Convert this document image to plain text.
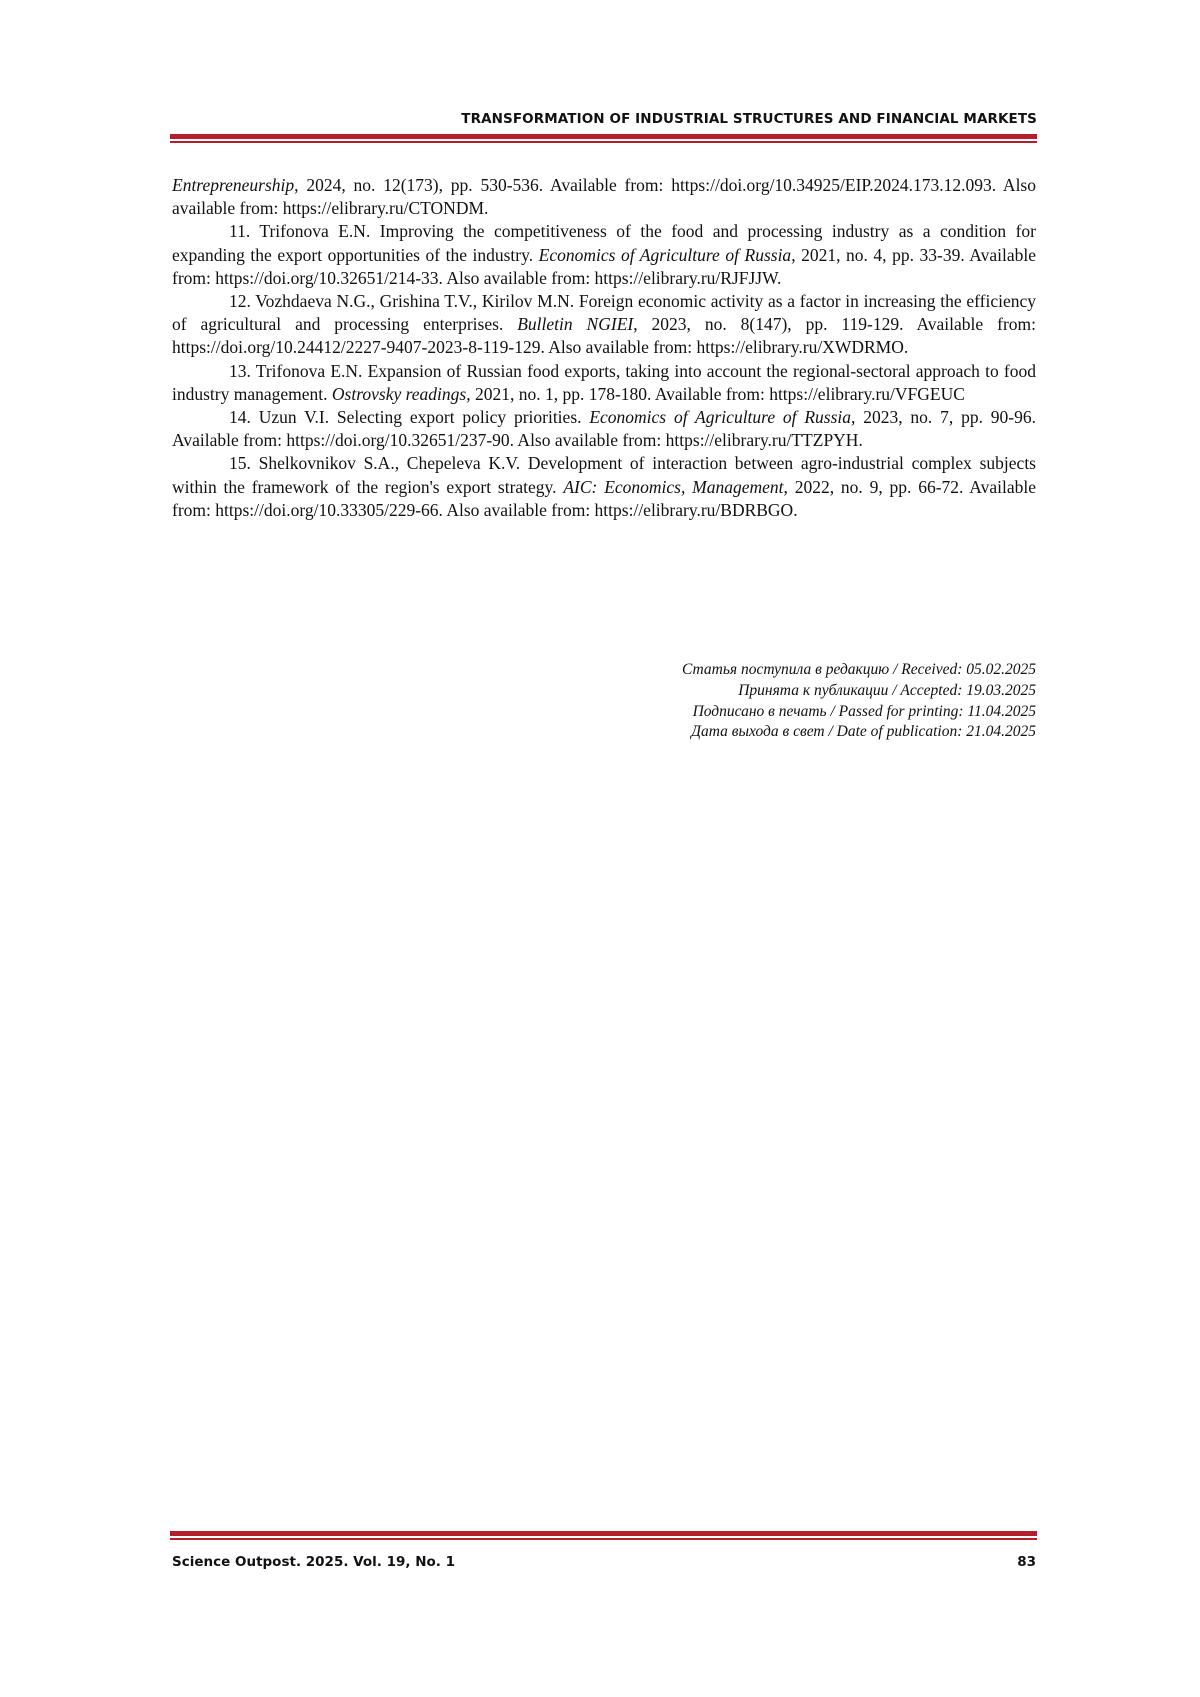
TRANSFORMATION OF INDUSTRIAL STRUCTURES AND FINANCIAL MARKETS

Entrepreneurship, 2024, no. 12(173), pp. 530-536. Available from: https://doi.org/10.34925/EIP.2024.173.12.093. Also available from: https://elibrary.ru/CTONDM.

11. Trifonova E.N. Improving the competitiveness of the food and processing industry as a condition for expanding the export opportunities of the industry. Economics of Agriculture of Russia, 2021, no. 4, pp. 33-39. Available from: https://doi.org/10.32651/214-33. Also available from: https://elibrary.ru/RJFJJW.

12. Vozhdaeva N.G., Grishina T.V., Kirilov M.N. Foreign economic activity as a factor in increasing the efficiency of agricultural and processing enterprises. Bulletin NGIEI, 2023, no. 8(147), pp. 119-129. Available from: https://doi.org/10.24412/2227-9407-2023-8-119-129. Also available from: https://elibrary.ru/XWDRMO.

13. Trifonova E.N. Expansion of Russian food exports, taking into account the regional-sectoral approach to food industry management. Ostrovsky readings, 2021, no. 1, pp. 178-180. Available from: https://elibrary.ru/VFGEUC

14. Uzun V.I. Selecting export policy priorities. Economics of Agriculture of Russia, 2023, no. 7, pp. 90-96. Available from: https://doi.org/10.32651/237-90. Also available from: https://elibrary.ru/TTZPYH.

15. Shelkovnikov S.A., Chepeleva K.V. Development of interaction between agro-industrial complex subjects within the framework of the region's export strategy. AIC: Economics, Management, 2022, no. 9, pp. 66-72. Available from: https://doi.org/10.33305/229-66. Also available from: https://elibrary.ru/BDRBGO.

Статья поступила в редакцию / Received: 05.02.2025
Принята к публикации / Accepted: 19.03.2025
Подписано в печать / Passed for printing: 11.04.2025
Дата выхода в свет / Date of publication: 21.04.2025
Science Outpost. 2025. Vol. 19, No. 1	83
